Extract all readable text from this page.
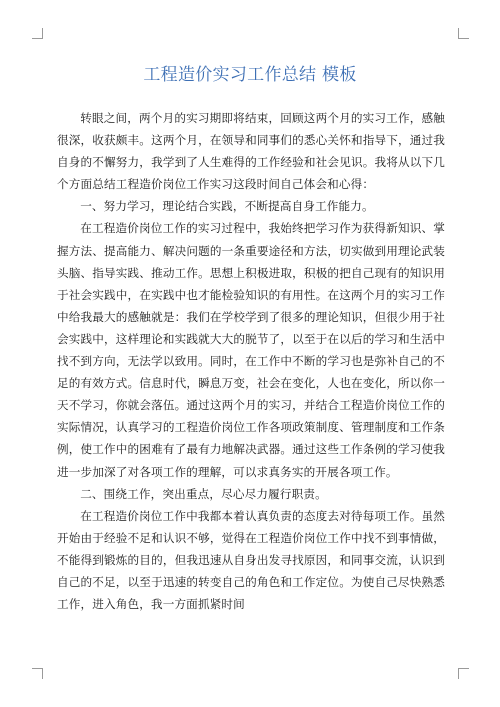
工程造价实习工作总结 模板

转眼之间，两个月的实习期即将结束，回顾这两个月的实习工作，感触很深，收获颇丰。这两个月，在领导和同事们的悉心关怀和指导下，通过我自身的不懈努力，我学到了人生难得的工作经验和社会见识。我将从以下几个方面总结工程造价岗位工作实习这段时间自己体会和心得：

一、努力学习，理论结合实践，不断提高自身工作能力。

在工程造价岗位工作的实习过程中，我始终把学习作为获得新知识、掌握方法、提高能力、解决问题的一条重要途径和方法，切实做到用理论武装头脑、指导实践、推动工作。思想上积极进取，积极的把自己现有的知识用于社会实践中，在实践中也才能检验知识的有用性。在这两个月的实习工作中给我最大的感触就是：我们在学校学到了很多的理论知识，但很少用于社会实践中，这样理论和实践就大大的脱节了，以至于在以后的学习和生活中找不到方向，无法学以致用。同时，在工作中不断的学习也是弥补自己的不足的有效方式。信息时代，瞬息万变，社会在变化，人也在变化，所以你一天不学习，你就会落伍。通过这两个月的实习，并结合工程造价岗位工作的实际情况，认真学习的工程造价岗位工作各项政策制度、管理制度和工作条例，使工作中的困难有了最有力地解决武器。通过这些工作条例的学习使我进一步加深了对各项工作的理解，可以求真务实的开展各项工作。

二、围绕工作，突出重点，尽心尽力履行职责。

在工程造价岗位工作中我都本着认真负责的态度去对待每项工作。虽然开始由于经验不足和认识不够，觉得在工程造价岗位工作中找不到事情做，不能得到锻炼的目的，但我迅速从自身出发寻找原因，和同事交流，认识到自己的不足，以至于迅速的转变自己的角色和工作定位。为使自己尽快熟悉工作，进入角色，我一方面抓紧时间
